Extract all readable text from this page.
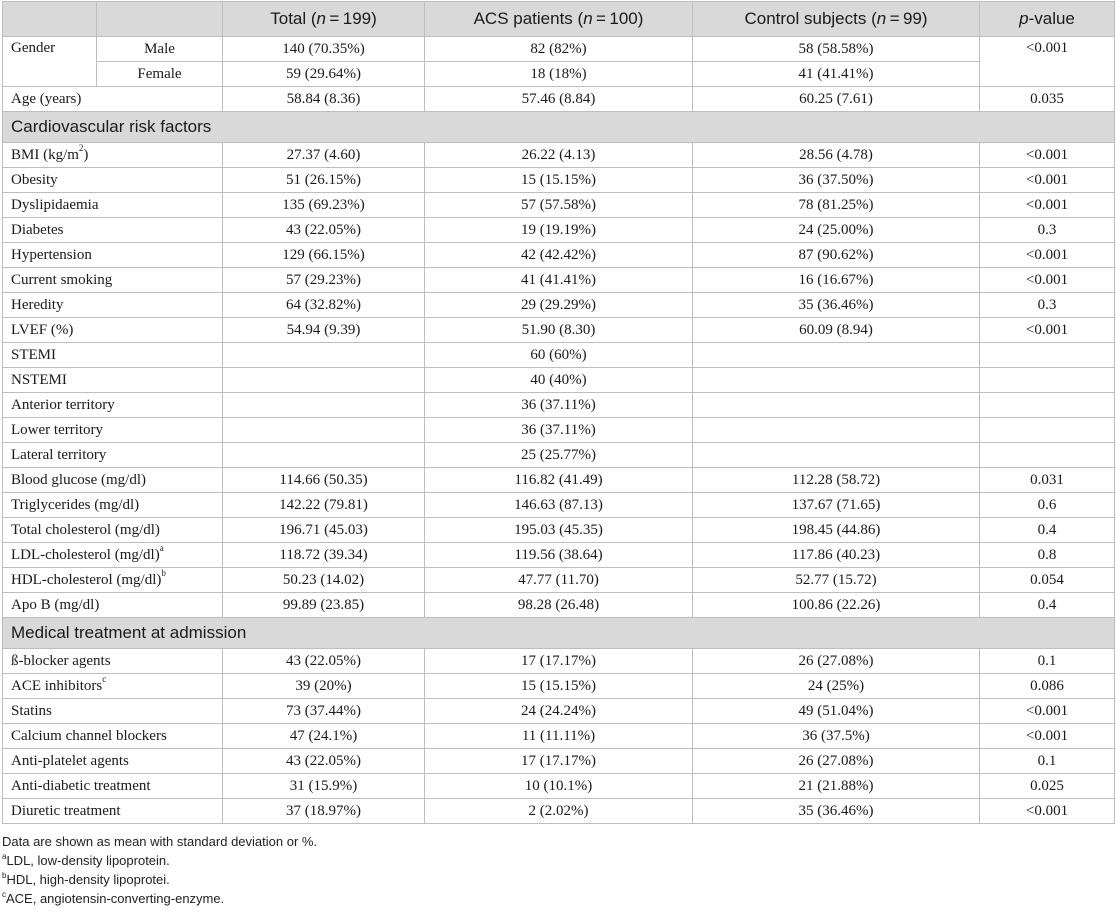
		Total (n = 199)	ACS patients (n = 100)	Control subjects (n = 99)	p-value
Gender	Male	140 (70.35%)	82 (82%)	58 (58.58%)	<0.001
	Female	59 (29.64%)	18 (18%)	41 (41.41%)	
Age (years)		58.84 (8.36)	57.46 (8.84)	60.25 (7.61)	0.035
Cardiovascular risk factors					
BMI $(kg/m^2)$		27.37 (4.60)	26.22 (4.13)	28.56 (4.78)	<0.001
Obesity		51 (26.15%)	15 (15.15%)	36 (37.50%)	<0.001
Dyslipidaemia		135 (69.23%)	57 (57.58%)	78 (81.25%)	<0.001
Diabetes		43 (22.05%)	19 (19.19%)	24 (25.00%)	0.3
Hypertension		129 (66.15%)	42 (42.42%)	87 (90.62%)	<0.001
Current smoking		57 (29.23%)	41 (41.41%)	16 (16.67%)	<0.001
Heredity		64 (32.82%)	29 (29.29%)	35 (36.46%)	0.3
LVEF (%)		54.94 (9.39)	51.90 (8.30)	60.09 (8.94)	<0.001
STEMI			60 (60%)		
NSTEMI			40 (40%)		
Anterior territory			36 (37.11%)		
Lower territory			36 (37.11%)		
Lateral territory			25 (25.77%)		
Blood glucose (mg/dl)		114.66 (50.35)	116.82 (41.49)	112.28 (58.72)	0.031
Triglycerides (mg/dl)		142.22 (79.81)	146.63 (87.13)	137.67 (71.65)	0.6
Total cholesterol (mg/dl)		196.71 (45.03)	195.03 (45.35)	198.45 (44.86)	0.4
LDL-cholesterol $(mg/dl)^a$		118.72 (39.34)	119.56 (38.64)	117.86 (40.23)	0.8
HDL-cholesterol $(mg/dl)^b$		50.23 (14.02)	47.77 (11.70)	52.77 (15.72)	0.054
Apo B (mg/dl)		99.89 (23.85)	98.28 (26.48)	100.86 (22.26)	0.4
Medical treatment at admission					
ß-blocker agents		43 (22.05%)	17 (17.17%)	26 (27.08%)	0.1
ACE inhibitors$^c$		39 (20%)	15 (15.15%)	24 (25%)	0.086
Statins		73 (37.44%)	24 (24.24%)	49 (51.04%)	<0.001
Calcium channel blockers		47 (24.1%)	11 (11.11%)	36 (37.5%)	<0.001
Anti-platelet agents		43 (22.05%)	17 (17.17%)	26 (27.08%)	0.1
Anti-diabetic treatment		31 (15.9%)	10 (10.1%)	21 (21.88%)	0.025
Diuretic treatment		37 (18.97%)	2 (2.02%)	35 (36.46%)	<0.001
Data are shown as mean with standard deviation or %.
$^a$LDL, low-density lipoprotein.
$^b$HDL, high-density lipoprotei.
$^c$ACE, angiotensin-converting-enzyme.
